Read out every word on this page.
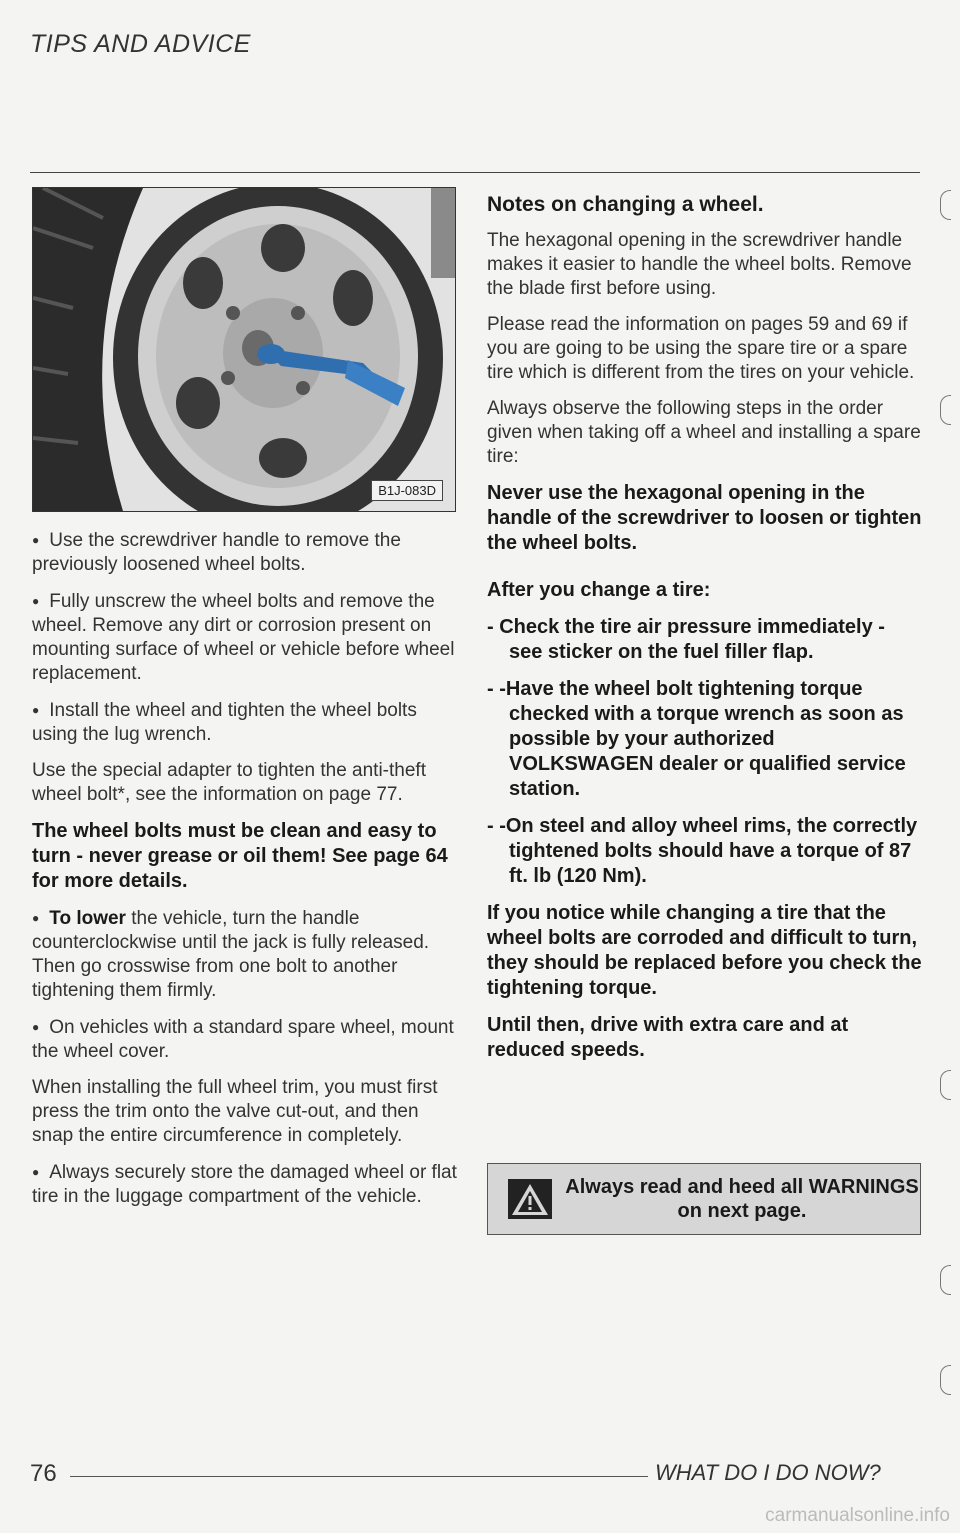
TIPS AND ADVICE
B1J-083D

● Use the screwdriver handle to remove the previously loosened wheel bolts.

● Fully unscrew the wheel bolts and remove the wheel. Remove any dirt or corrosion present on mounting surface of wheel or vehicle before wheel replacement.

● Install the wheel and tighten the wheel bolts using the lug wrench.

Use the special adapter to tighten the anti-theft wheel bolt*, see the information on page 77.

The wheel bolts must be clean and easy to turn - never grease or oil them! See page 64 for more details.

● To lower the vehicle, turn the handle counterclockwise until the jack is fully released. Then go crosswise from one bolt to another tightening them firmly.

● On vehicles with a standard spare wheel, mount the wheel cover.

When installing the full wheel trim, you must first press the trim onto the valve cut-out, and then snap the entire circumference in completely.

● Always securely store the damaged wheel or flat tire in the luggage compartment of the vehicle.

Notes on changing a wheel.

The hexagonal opening in the screwdriver handle makes it easier to handle the wheel bolts. Remove the blade first before using.

Please read the information on pages 59 and 69 if you are going to be using the spare tire or a spare tire which is different from the tires on your vehicle.

Always observe the following steps in the order given when taking off a wheel and installing a spare tire:

Never use the hexagonal opening in the handle of the screwdriver to loosen or tighten the wheel bolts.

After you change a tire:

- Check the tire air pressure immediately - see sticker on the fuel filler flap.

- -Have the wheel bolt tightening torque checked with a torque wrench as soon as possible by your authorized VOLKSWAGEN dealer or qualified service station.

- -On steel and alloy wheel rims, the correctly tightened bolts should have a torque of 87 ft. lb (120 Nm).

If you notice while changing a tire that the wheel bolts are corroded and difficult to turn, they should be replaced before you check the tightening torque.

Until then, drive with extra care and at reduced speeds.

Always read and heed all WARNINGS on next page.
76	WHAT DO I DO NOW?
carmanualsonline.info
